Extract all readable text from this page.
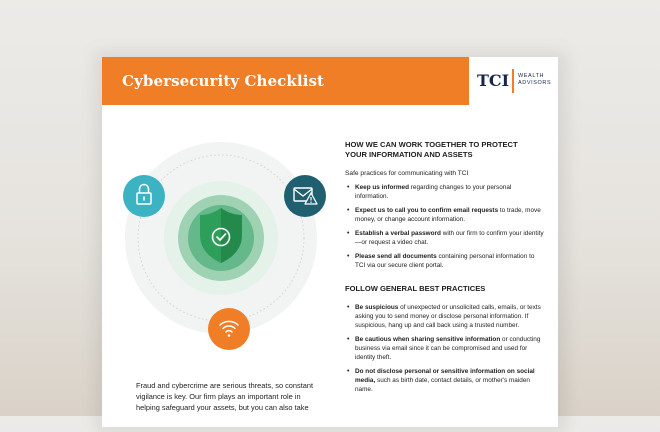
Cybersecurity Checklist	TCI WEALTH
ADVISORS
Fraud and cybercrime are serious threats, so constant vigilance is key. Our firm plays an important role in helping safeguard your assets, but you can also take
HOW WE CAN WORK TOGETHER TO PROTECT
YOUR INFORMATION AND ASSETS
Safe practices for communicating with TCI
• Keep us informed regarding changes to your personal information.
• Expect us to call you to confirm email requests to trade, move money, or change account information.
• Establish a verbal password with our firm to confirm your identity—or request a video chat.
• Please send all documents containing personal information to TCI via our secure client portal.
FOLLOW GENERAL BEST PRACTICES
• Be suspicious of unexpected or unsolicited calls, emails, or texts asking you to send money or disclose personal information. If suspicious, hang up and call back using a trusted number.
• Be cautious when sharing sensitive information or conducting business via email since it can be compromised and used for identity theft.
• Do not disclose personal or sensitive information on social media, such as birth date, contact details, or mother's maiden name.
